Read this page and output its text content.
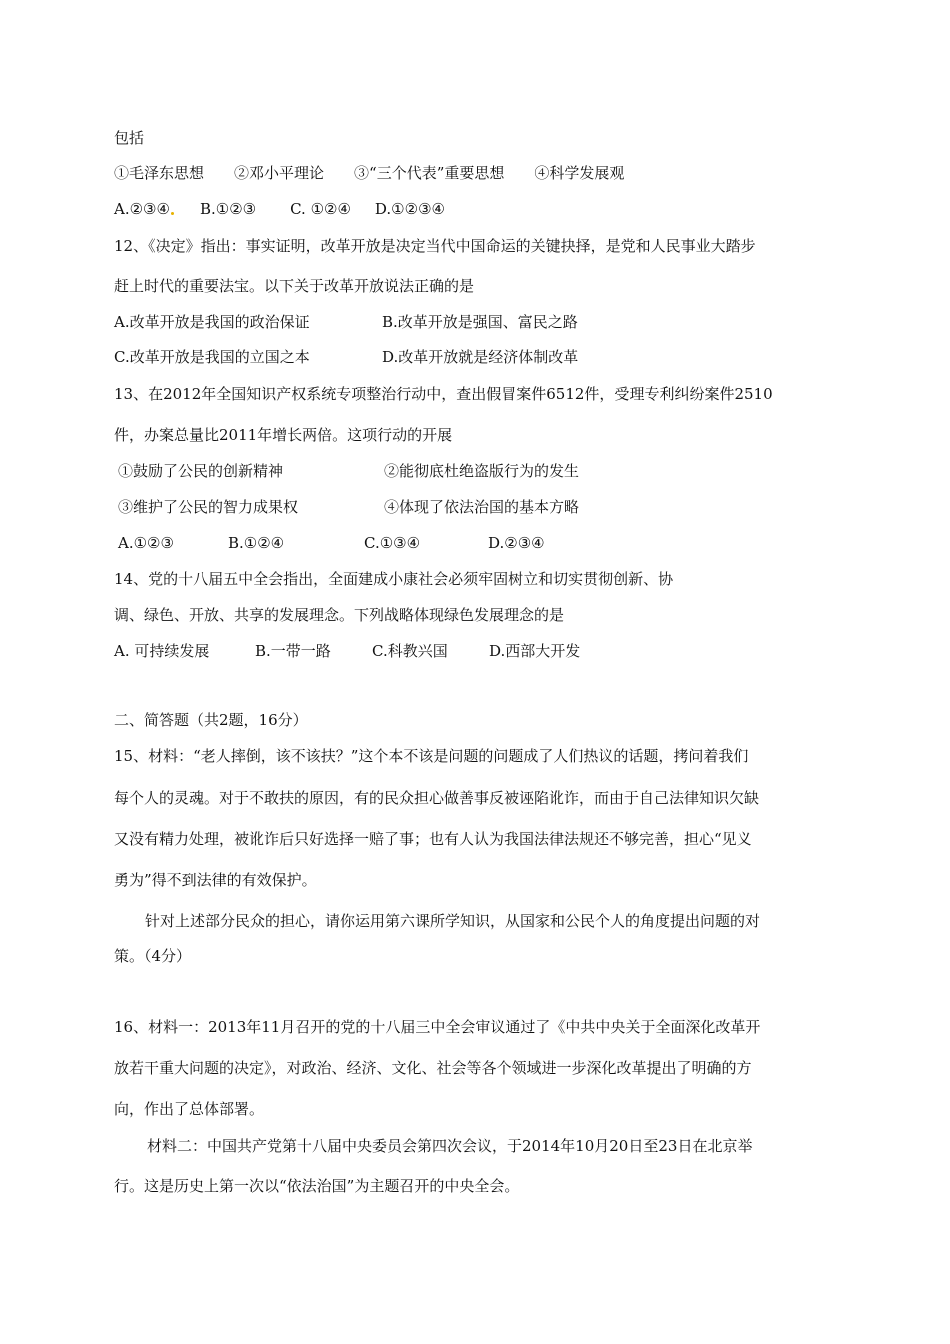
包括
①毛泽东思想 ②邓小平理论 ③“三个代表”重要思想 ④科学发展观
A.②③④ B.①②③ C. ①②④ D.①②③④
12、《决定》指出：事实证明，改革开放是决定当代中国命运的关键抉择，是党和人民事业大踏步
赶上时代的重要法宝。以下关于改革开放说法正确的是
A.改革开放是我国的政治保证	B.改革开放是强国、富民之路
C.改革开放是我国的立国之本	D.改革开放就是经济体制改革
13、在2012年全国知识产权系统专项整治行动中，查出假冒案件6512件，受理专利纠纷案件2510
件，办案总量比2011年增长两倍。这项行动的开展
①鼓励了公民的创新精神	②能彻底杜绝盗版行为的发生
③维护了公民的智力成果权	④体现了依法治国的基本方略
A.①②③	B.①②④	C.①③④	D.②③④
14、党的十八届五中全会指出，全面建成小康社会必须牢固树立和切实贯彻创新、协
调、绿色、开放、共享的发展理念。下列战略体现绿色发展理念的是
A. 可持续发展	B.一带一路	C.科教兴国	D.西部大开发
二、简答题（共2题，16分）
15、材料：“老人摔倒，该不该扶？”这个本不该是问题的问题成了人们热议的话题，拷问着我们
每个人的灵魂。对于不敢扶的原因，有的民众担心做善事反被诬陷讹诈，而由于自己法律知识欠缺
又没有精力处理，被讹诈后只好选择一赔了事；也有人认为我国法律法规还不够完善，担心“见义
勇为”得不到法律的有效保护。
针对上述部分民众的担心，请你运用第六课所学知识，从国家和公民个人的角度提出问题的对
策。（4分）
16、材料一：2013年11月召开的党的十八届三中全会审议通过了《中共中央关于全面深化改革开
放若干重大问题的决定》，对政治、经济、文化、社会等各个领域进一步深化改革提出了明确的方
向，作出了总体部署。
材料二：中国共产党第十八届中央委员会第四次会议，于2014年10月20日至23日在北京举
行。这是历史上第一次以“依法治国”为主题召开的中央全会。
